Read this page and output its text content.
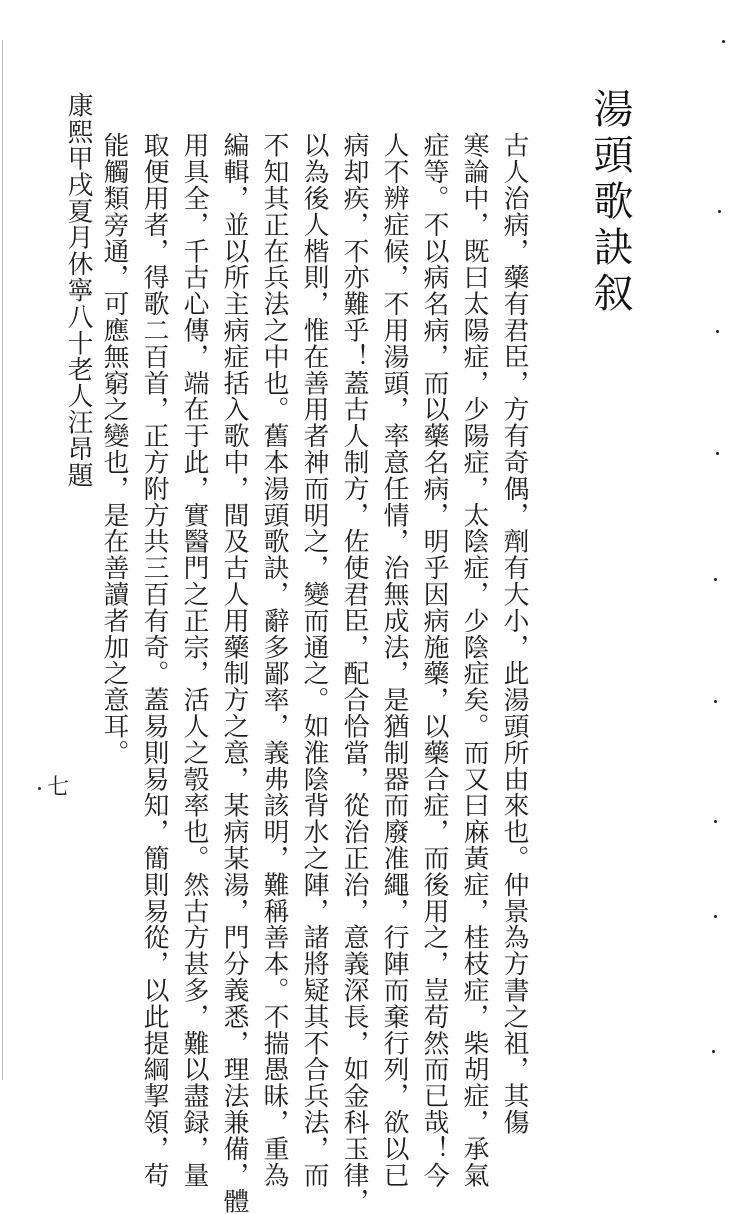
湯頭歌訣叙
古人治病，藥有君臣，方有奇偶，劑有大小，此湯頭所由來也。仲景為方書之祖，其傷
寒論中，既曰太陽症，少陽症，太陰症，少陰症矣。而又曰麻黃症，桂枝症，柴胡症，承氣
症等。不以病名病，而以藥名病，明乎因病施藥，以藥合症，而後用之，豈苟然而已哉！今
人不辨症候，不用湯頭，率意任情，治無成法，是猶制器而廢准繩，行陣而棄行列，欲以已
病却疾，不亦難乎！蓋古人制方，佐使君臣，配合恰當，從治正治，意義深長，如金科玉律，
以為後人楷則，惟在善用者神而明之，變而通之。如淮陰背水之陣，諸將疑其不合兵法，而
不知其正在兵法之中也。舊本湯頭歌訣，辭多鄙率，義弗該明，難稱善本。不揣愚昧，重為
編輯，並以所主病症括入歌中，間及古人用藥制方之意，某病某湯，門分義悉，理法兼備，體
用具全，千古心傳，端在于此，實醫門之正宗，活人之彀率也。然古方甚多，難以盡録，量
取便用者，得歌二百首，正方附方共三百有奇。蓋易則易知，簡則易從，以此提綱挈領，苟
能觸類旁通，可應無窮之變也，是在善讀者加之意耳。
康熙甲戌夏月休寧八十老人汪昂題
七
